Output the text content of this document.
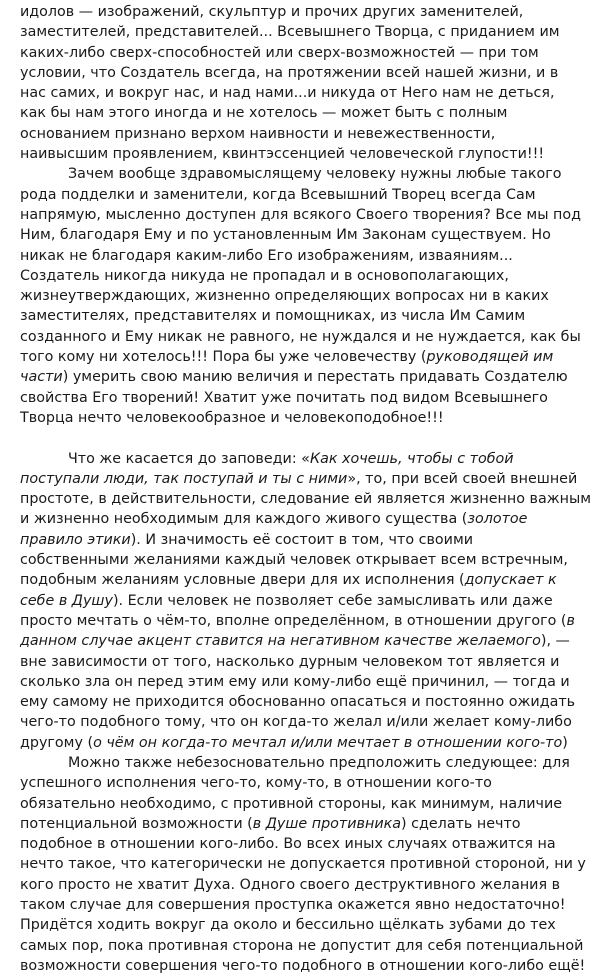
идолов — изображений, скульптур и прочих других заменителей,
заместителей, представителей... Всевышнего Творца, с приданием им
каких-либо сверх-способностей или сверх-возможностей — при том
условии, что Создатель всегда, на протяжении всей нашей жизни, и в
нас самих, и вокруг нас, и над нами...и никуда от Него нам не деться,
как бы нам этого иногда и не хотелось — может быть с полным
основанием признано верхом наивности и невежественности,
наивысшим проявлением, квинтэссенцией человеческой глупости!!!
Зачем вообще здравомыслящему человеку нужны любые такого
рода подделки и заменители, когда Всевышний Творец всегда Сам
напрямую, мысленно доступен для всякого Своего творения? Все мы под
Ним, благодаря Ему и по установленным Им Законам существуем. Но
никак не благодаря каким-либо Его изображениям, изваяниям...
Создатель никогда никуда не пропадал и в основополагающих,
жизнеутверждающих, жизненно определяющих вопросах ни в каких
заместителях, представителях и помощниках, из числа Им Самим
созданного и Ему никак не равного, не нуждался и не нуждается, как бы
того кому ни хотелось!!! Пора бы уже человечеству (руководящей им
части) умерить свою манию величия и перестать придавать Создателю
свойства Его творений! Хватит уже почитать под видом Всевышнего
Творца нечто человекообразное и человекоподобное!!!
Что же касается до заповеди: «Как хочешь, чтобы с тобой
поступали люди, так поступай и ты с ними», то, при всей своей внешней
простоте, в действительности, следование ей является жизненно важным
и жизненно необходимым для каждого живого существа (золотое
правило этики). И значимость её состоит в том, что своими
собственными желаниями каждый человек открывает всем встречным,
подобным желаниям условные двери для их исполнения (допускает к
себе в Душу). Если человек не позволяет себе замысливать или даже
просто мечтать о чём-то, вполне определённом, в отношении другого (в
данном случае акцент ставится на негативном качестве желаемого), —
вне зависимости от того, насколько дурным человеком тот является и
сколько зла он перед этим ему или кому-либо ещё причинил, — тогда и
ему самому не приходится обоснованно опасаться и постоянно ожидать
чего-то подобного тому, что он когда-то желал и/или желает кому-либо
другому (о чём он когда-то мечтал и/или мечтает в отношении кого-то)
Можно также небезосновательно предположить следующее: для
успешного исполнения чего-то, кому-то, в отношении кого-то
обязательно необходимо, с противной стороны, как минимум, наличие
потенциальной возможности (в Душе противника) сделать нечто
подобное в отношении кого-либо. Во всех иных случаях отважится на
нечто такое, что категорически не допускается противной стороной, ни у
кого просто не хватит Духа. Одного своего деструктивного желания в
таком случае для совершения проступка окажется явно недостаточно!
Придётся ходить вокруг да около и бессильно щёлкать зубами до тех
самых пор, пока противная сторона не допустит для себя потенциальной
возможности совершения чего-то подобного в отношении кого-либо ещё!
